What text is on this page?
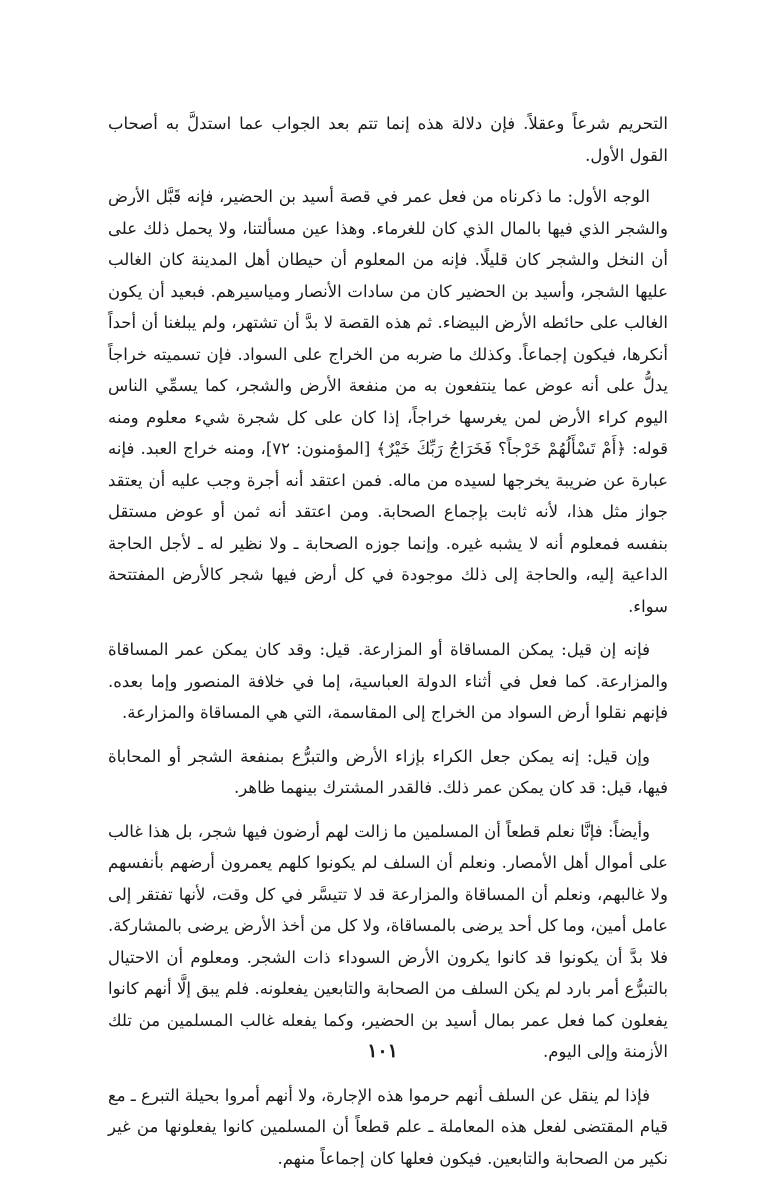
التحريم شرعاً وعقلاً. فإن دلالة هذه إنما تتم بعد الجواب عما استدلَّ به أصحاب القول الأول.

الوجه الأول: ما ذكرناه من فعل عمر في قصة أسيد بن الحضير، فإنه قَبَّل الأرض والشجر الذي فيها بالمال الذي كان للغرماء. وهذا عين مسألتنا، ولا يحمل ذلك على أن النخل والشجر كان قليلًا. فإنه من المعلوم أن حيطان أهل المدينة كان الغالب عليها الشجر، وأسيد بن الحضير كان من سادات الأنصار ومياسيرهم. فبعيد أن يكون الغالب على حائطه الأرض البيضاء. ثم هذه القصة لا بدَّ أن تشتهر، ولم يبلغنا أن أحداً أنكرها، فيكون إجماعاً. وكذلك ما ضربه من الخراج على السواد. فإن تسميته خراجاً يدلُّ على أنه عوض عما ينتفعون به من منفعة الأرض والشجر، كما يسمِّي الناس اليوم كراء الأرض لمن يغرسها خراجاً، إذا كان على كل شجرة شيء معلوم ومنه قوله: ﴿أَمْ تَسْأَلُهُمْ خَرْجاً؟ فَخَرَاجُ رَبِّكَ خَيْرٌ﴾ [المؤمنون: ٧٢]، ومنه خراج العبد. فإنه عبارة عن ضريبة يخرجها لسيده من ماله. فمن اعتقد أنه أجرة وجب عليه أن يعتقد جواز مثل هذا، لأنه ثابت بإجماع الصحابة. ومن اعتقد أنه ثمن أو عوض مستقل بنفسه فمعلوم أنه لا يشبه غيره. وإنما جوزه الصحابة ـ ولا نظير له ـ لأجل الحاجة الداعية إليه، والحاجة إلى ذلك موجودة في كل أرض فيها شجر كالأرض المفتتحة سواء.

فإنه إن قيل: يمكن المساقاة أو المزارعة. قيل: وقد كان يمكن عمر المساقاة والمزارعة. كما فعل في أثناء الدولة العباسية، إما في خلافة المنصور وإما بعده. فإنهم نقلوا أرض السواد من الخراج إلى المقاسمة، التي هي المساقاة والمزارعة.

وإن قيل: إنه يمكن جعل الكراء بإزاء الأرض والتبرُّع بمنفعة الشجر أو المحاباة فيها، قيل: قد كان يمكن عمر ذلك. فالقدر المشترك بينهما ظاهر.

وأيضاً: فإنَّا نعلم قطعاً أن المسلمين ما زالت لهم أرضون فيها شجر، بل هذا غالب على أموال أهل الأمصار. ونعلم أن السلف لم يكونوا كلهم يعمرون أرضهم بأنفسهم ولا غالبهم، ونعلم أن المساقاة والمزارعة قد لا تتيسَّر في كل وقت، لأنها تفتقر إلى عامل أمين، وما كل أحد يرضى بالمساقاة، ولا كل من أخذ الأرض يرضى بالمشاركة. فلا بدَّ أن يكونوا قد كانوا يكرون الأرض السوداء ذات الشجر. ومعلوم أن الاحتيال بالتبرُّع أمر بارد لم يكن السلف من الصحابة والتابعين يفعلونه. فلم يبق إلَّا أنهم كانوا يفعلون كما فعل عمر بمال أسيد بن الحضير، وكما يفعله غالب المسلمين من تلك الأزمنة وإلى اليوم.

فإذا لم ينقل عن السلف أنهم حرموا هذه الإجارة، ولا أنهم أمروا بحيلة التبرع ـ مع قيام المقتضى لفعل هذه المعاملة ـ علم قطعاً أن المسلمين كانوا يفعلونها من غير نكير من الصحابة والتابعين. فيكون فعلها كان إجماعاً منهم.

١٠١
